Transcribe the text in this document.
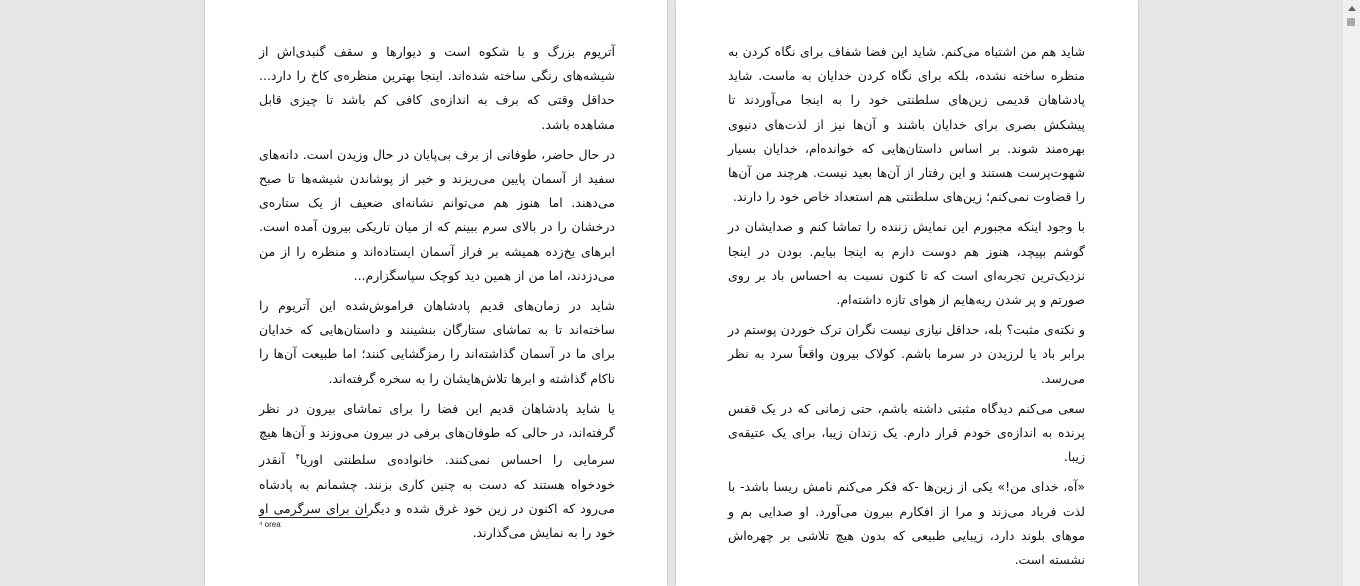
آتریوم بزرگ و با شکوه است و دیوارها و سقف گنبدی‌اش از شیشه‌های رنگی ساخته شده‌اند. اینجا بهترین منظره‌ی کاخ را دارد... حداقل وقتی که برف به اندازه‌ی کافی کم باشد تا چیزی قابل مشاهده باشد.

در حال حاضر، طوفانی از برف بی‌پایان در حال وزیدن است. دانه‌های سفید از آسمان پایین می‌ریزند و خبر از پوشاندن شیشه‌ها تا صبح می‌دهند. اما هنوز هم می‌توانم نشانه‌ای ضعیف از یک ستاره‌ی درخشان را در بالای سرم ببینم که از میان تاریکی بیرون آمده است. ابرهای یخ‌زده همیشه بر فراز آسمان ایستاده‌اند و منظره را از من می‌دزدند، اما من از همین دید کوچک سپاسگزارم...

شاید در زمان‌های قدیم پادشاهان فراموش‌شده این آتریوم را ساخته‌اند تا به تماشای ستارگان بنشینند و داستان‌هایی که خدایان برای ما در آسمان گذاشته‌اند را رمزگشایی کنند؛ اما طبیعت آن‌ها را ناکام گذاشته و ابرها تلاش‌هایشان را به سخره گرفته‌اند.

یا شاید پادشاهان قدیم این فضا را برای تماشای بیرون در نظر گرفته‌اند، در حالی که طوفان‌های برفی در بیرون می‌وزند و آن‌ها هیچ سرمایی را احساس نمی‌کنند. خانواده‌ی سلطنتی اوریا$^۴$ آنقدر خودخواه هستند که دست به چنین کاری بزنند. چشمانم به پادشاه می‌رود که اکنون در زین خود غرق شده و دیگران برای سرگرمی او خود را به نمایش می‌گذارند.

⁴ orea

شاید هم من اشتباه می‌کنم. شاید این فضا شفاف برای نگاه کردن به منظره ساخته نشده، بلکه برای نگاه کردن خدایان به ماست. شاید پادشاهان قدیمی زین‌های سلطنتی خود را به اینجا می‌آوردند تا پیشکش بصری برای خدایان باشند و آن‌ها نیز از لذت‌های دنیوی بهره‌مند شوند. بر اساس داستان‌هایی که خوانده‌ام، خدایان بسیار شهوت‌پرست هستند و این رفتار از آن‌ها بعید نیست. هرچند من آن‌ها را قضاوت نمی‌کنم؛ زین‌های سلطنتی هم استعداد خاص خود را دارند.

با وجود اینکه مجبورم این نمایش زننده را تماشا کنم و صدایشان در گوشم بپیچد، هنوز هم دوست دارم به اینجا بیایم. بودن در اینجا نزدیک‌ترین تجربه‌ای است که تا کنون نسبت به احساس باد بر روی صورتم و پر شدن ریه‌هایم از هوای تازه داشته‌ام.

و نکته‌ی مثبت؟ بله، حداقل نیازی نیست نگران ترک خوردن پوستم در برابر باد یا لرزیدن در سرما باشم. کولاک بیرون واقعاً سرد به نظر می‌رسد.

سعی می‌کنم دیدگاه مثبتی داشته باشم، حتی زمانی که در یک قفس پرنده به اندازه‌ی خودم قرار دارم. یک زندان زیبا، برای یک عتیقه‌ی زیبا.

«آه، خدای من!» یکی از زین‌ها -که فکر می‌کنم نامش ریسا باشد- با لذت فریاد می‌زند و مرا از افکارم بیرون می‌آورد. او صدایی بم و موهای بلوند دارد، زیبایی طبیعی که بدون هیچ تلاشی بر چهره‌اش نشسته است.
